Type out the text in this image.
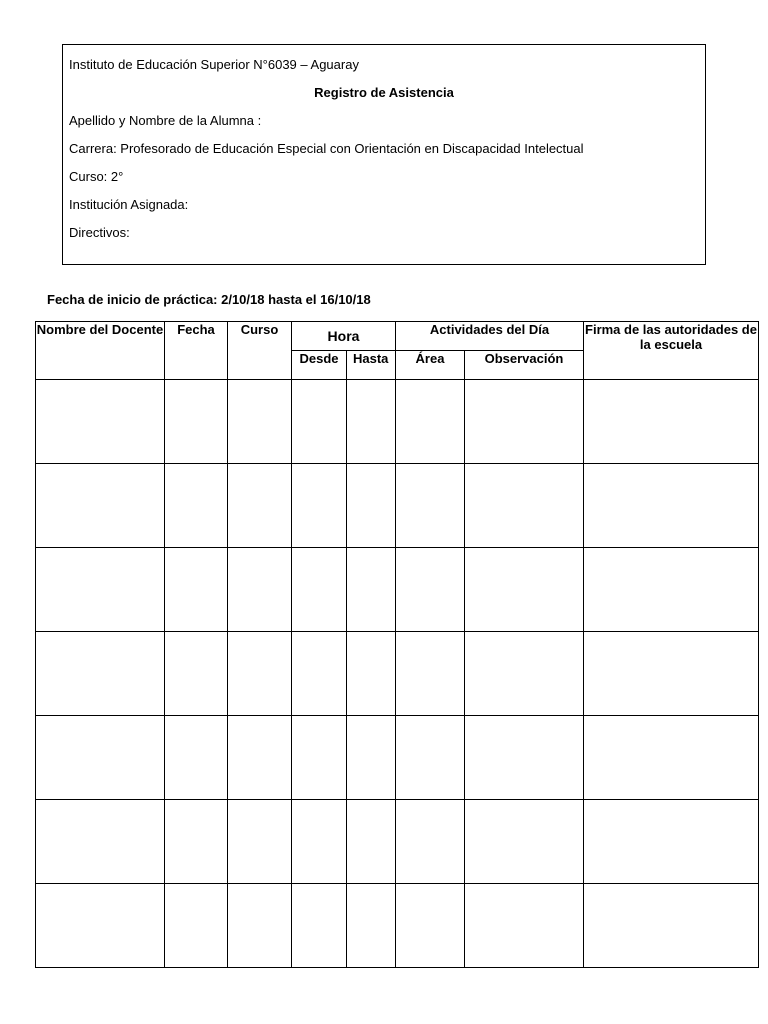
Instituto de Educación Superior N°6039 – Aguaray
Registro de Asistencia
Apellido y Nombre de la Alumna :
Carrera: Profesorado de Educación Especial con Orientación en Discapacidad Intelectual
Curso: 2°
Institución Asignada:
Directivos:
Fecha de inicio de práctica: 2/10/18 hasta el 16/10/18
Nombre del Docente	Fecha	Curso	Hora		Actividades del Día		Firma de las autoridades de la escuela
			Desde	Hasta	Área	Observación	
